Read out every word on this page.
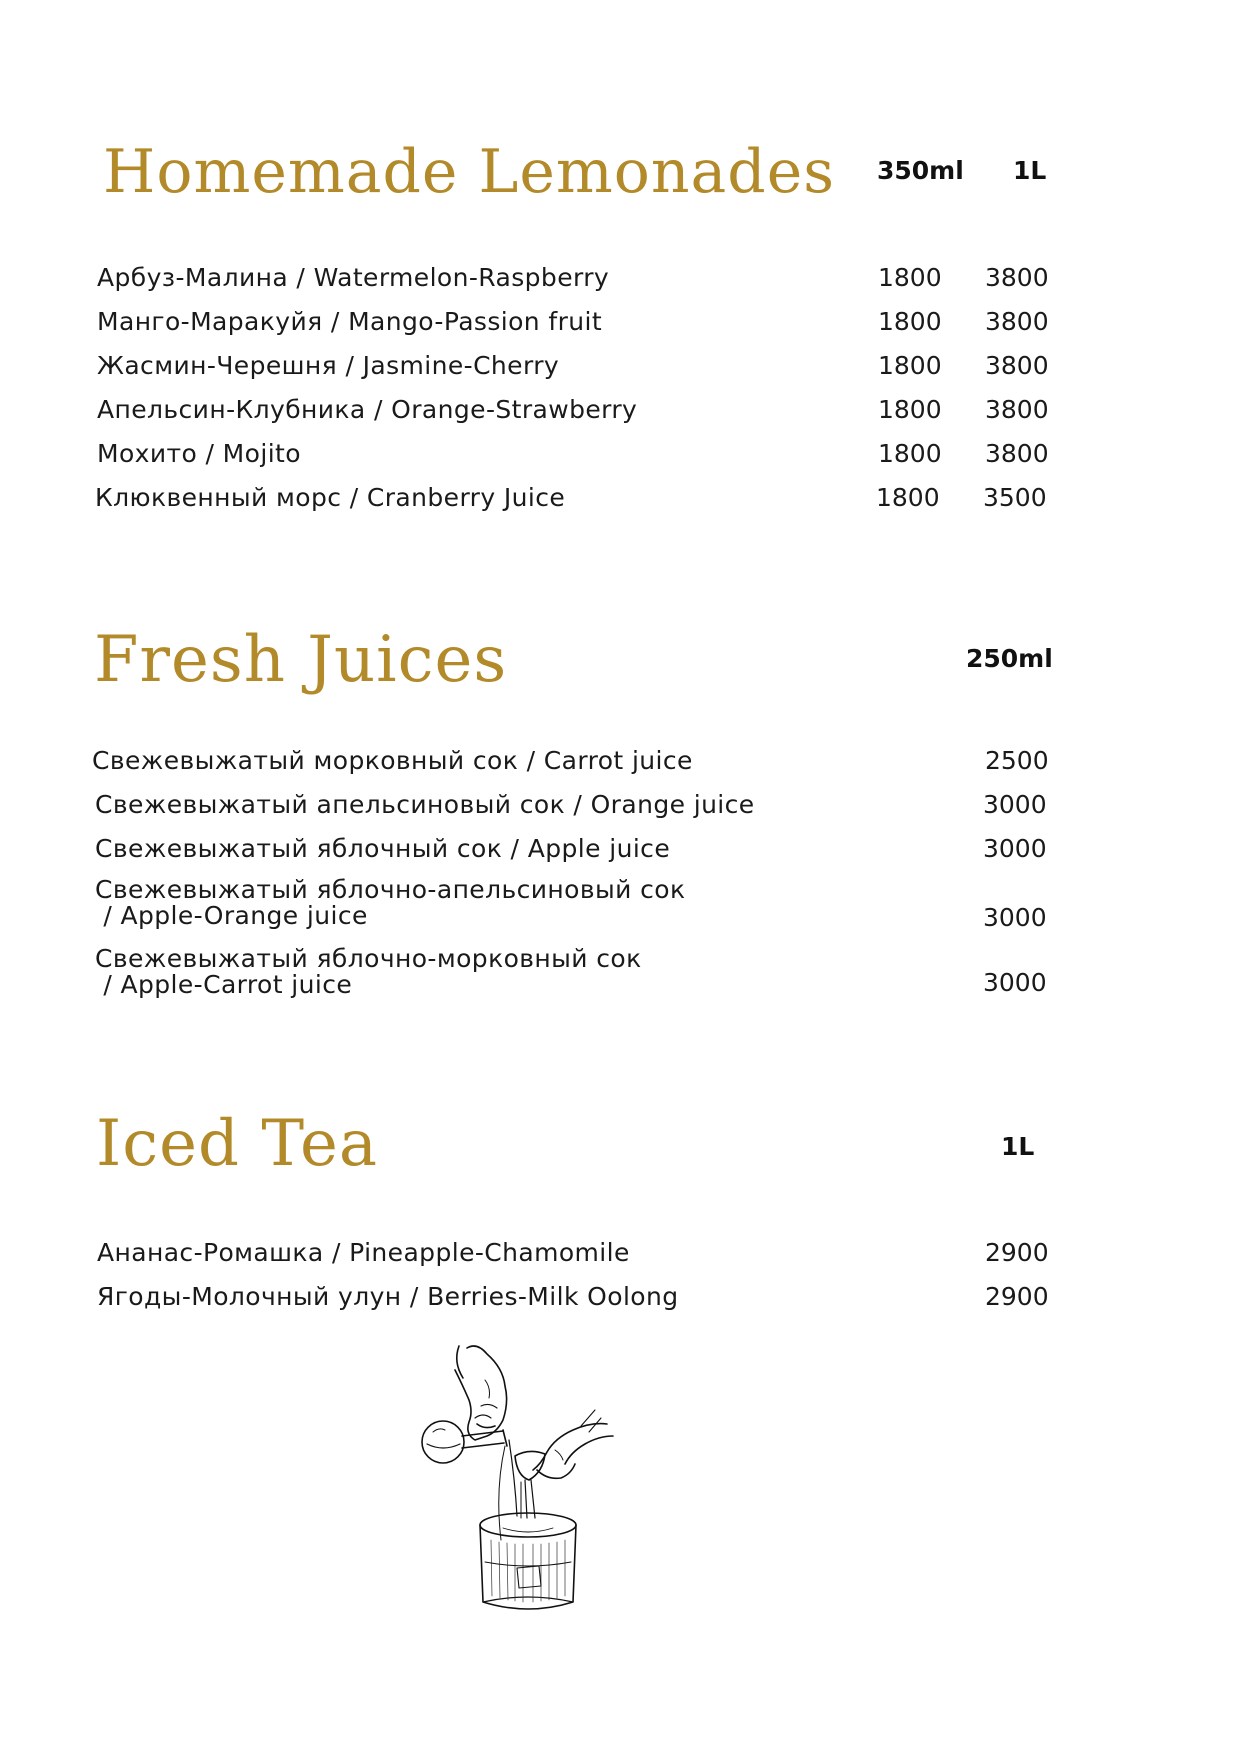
Homemade Lemonades 350ml 1L
Арбуз-Малина / Watermelon-Raspberry	1800 3800
Манго-Маракуйя / Mango-Passion fruit	1800 3800
Жасмин-Черешня / Jasmine-Cherry	1800 3800
Апельсин-Клубника / Orange-Strawberry	1800 3800
Мохито / Mojito	1800 3800
Клюквенный морс / Cranberry Juice	1800 3500
Fresh Juices	250ml
Свежевыжатый морковный сок / Carrot juice	2500
Свежевыжатый апельсиновый сок / Orange juice	3000
Свежевыжатый яблочный сок / Apple juice	3000
Свежевыжатый яблочно-апельсиновый сок
/ Apple-Orange juice	3000
Свежевыжатый яблочно-морковный сок
/ Apple-Carrot juice	3000
Iced Tea	1L
Ананас-Ромашка / Pineapple-Chamomile	2900
Ягоды-Молочный улун / Berries-Milk Oolong	2900
